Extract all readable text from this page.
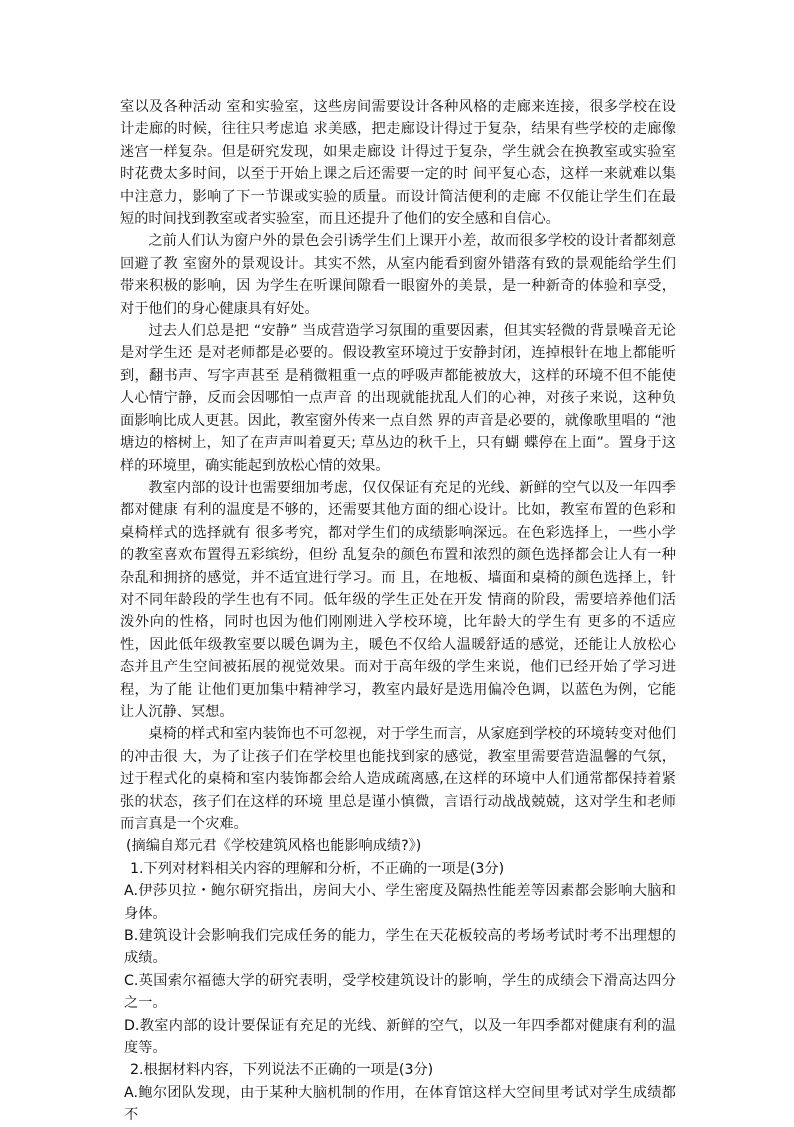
室以及各种活动 室和实验室，这些房间需要设计各种风格的走廊来连接，很多学校在设计走廊的时候，往往只考虑追 求美感，把走廊设计得过于复杂，结果有些学校的走廊像迷宫一样复杂。但是研究发现，如果走廊设 计得过于复杂，学生就会在换教室或实验室时花费太多时间，以至于开始上课之后还需要一定的时 间平复心态，这样一来就难以集中注意力，影响了下一节课或实验的质量。而设计简洁便利的走廊 不仅能让学生们在最短的时间找到教室或者实验室，而且还提升了他们的安全感和自信心。

之前人们认为窗户外的景色会引诱学生们上课开小差，故而很多学校的设计者都刻意回避了教 室窗外的景观设计。其实不然，从室内能看到窗外错落有致的景观能给学生们带来积极的影响，因 为学生在听课间隙看一眼窗外的美景，是一种新奇的体验和享受，对于他们的身心健康具有好处。

过去人们总是把 “安静” 当成营造学习氛围的重要因素，但其实轻微的背景噪音无论是对学生还 是对老师都是必要的。假设教室环境过于安静封闭，连掉根针在地上都能听到，翻书声、写字声甚至 是稍微粗重一点的呼吸声都能被放大，这样的环境不但不能使人心情宁静，反而会因哪怕一点声音 的出现就能扰乱人们的心神，对孩子来说，这种负面影响比成人更甚。因此，教室窗外传来一点自然 界的声音是必要的，就像歌里唱的 “池塘边的榕树上，知了在声声叫着夏天; 草丛边的秋千上，只有蝴 蝶停在上面”。置身于这样的环境里，确实能起到放松心情的效果。

教室内部的设计也需要细加考虑，仅仅保证有充足的光线、新鲜的空气以及一年四季都对健康 有利的温度是不够的，还需要其他方面的细心设计。比如，教室布置的色彩和桌椅样式的选择就有 很多考究，都对学生们的成绩影响深远。在色彩选择上，一些小学的教室喜欢布置得五彩缤纷，但纷 乱复杂的颜色布置和浓烈的颜色选择都会让人有一种杂乱和拥挤的感觉，并不适宜进行学习。而 且，在地板、墙面和桌椅的颜色选择上，针对不同年龄段的学生也有不同。低年级的学生正处在开发 情商的阶段，需要培养他们活泼外向的性格，同时也因为他们刚刚进入学校环境，比年龄大的学生有 更多的不适应性，因此低年级教室要以暖色调为主，暖色不仅给人温暖舒适的感觉，还能让人放松心 态并且产生空间被拓展的视觉效果。而对于高年级的学生来说，他们已经开始了学习进程，为了能 让他们更加集中精神学习，教室内最好是选用偏冷色调，以蓝色为例，它能让人沉静、冥想。

桌椅的样式和室内装饰也不可忽视，对于学生而言，从家庭到学校的环境转变对他们的冲击很 大，为了让孩子们在学校里也能找到家的感觉，教室里需要营造温馨的气氛，过于程式化的桌椅和室内装饰都会给人造成疏离感,在这样的环境中人们通常都保持着紧张的状态，孩子们在这样的环境 里总是谨小慎微，言语行动战战兢兢，这对学生和老师而言真是一个灾难。

(摘编自郑元君《学校建筑风格也能影响成绩?》)

1.下列对材料相关内容的理解和分析，不正确的一项是(3分)

A.伊莎贝拉・鲍尔研究指出，房间大小、学生密度及隔热性能差等因素都会影响大脑和身体。

B.建筑设计会影响我们完成任务的能力，学生在天花板较高的考场考试时考不出理想的成绩。

C.英国索尔福德大学的研究表明，受学校建筑设计的影响，学生的成绩会下滑高达四分之一。

D.教室内部的设计要保证有充足的光线、新鲜的空气，以及一年四季都对健康有利的温度等。

2.根据材料内容，下列说法不正确的一项是(3分)

A.鲍尔团队发现，由于某种大脑机制的作用，在体育馆这样大空间里考试对学生成绩都不
